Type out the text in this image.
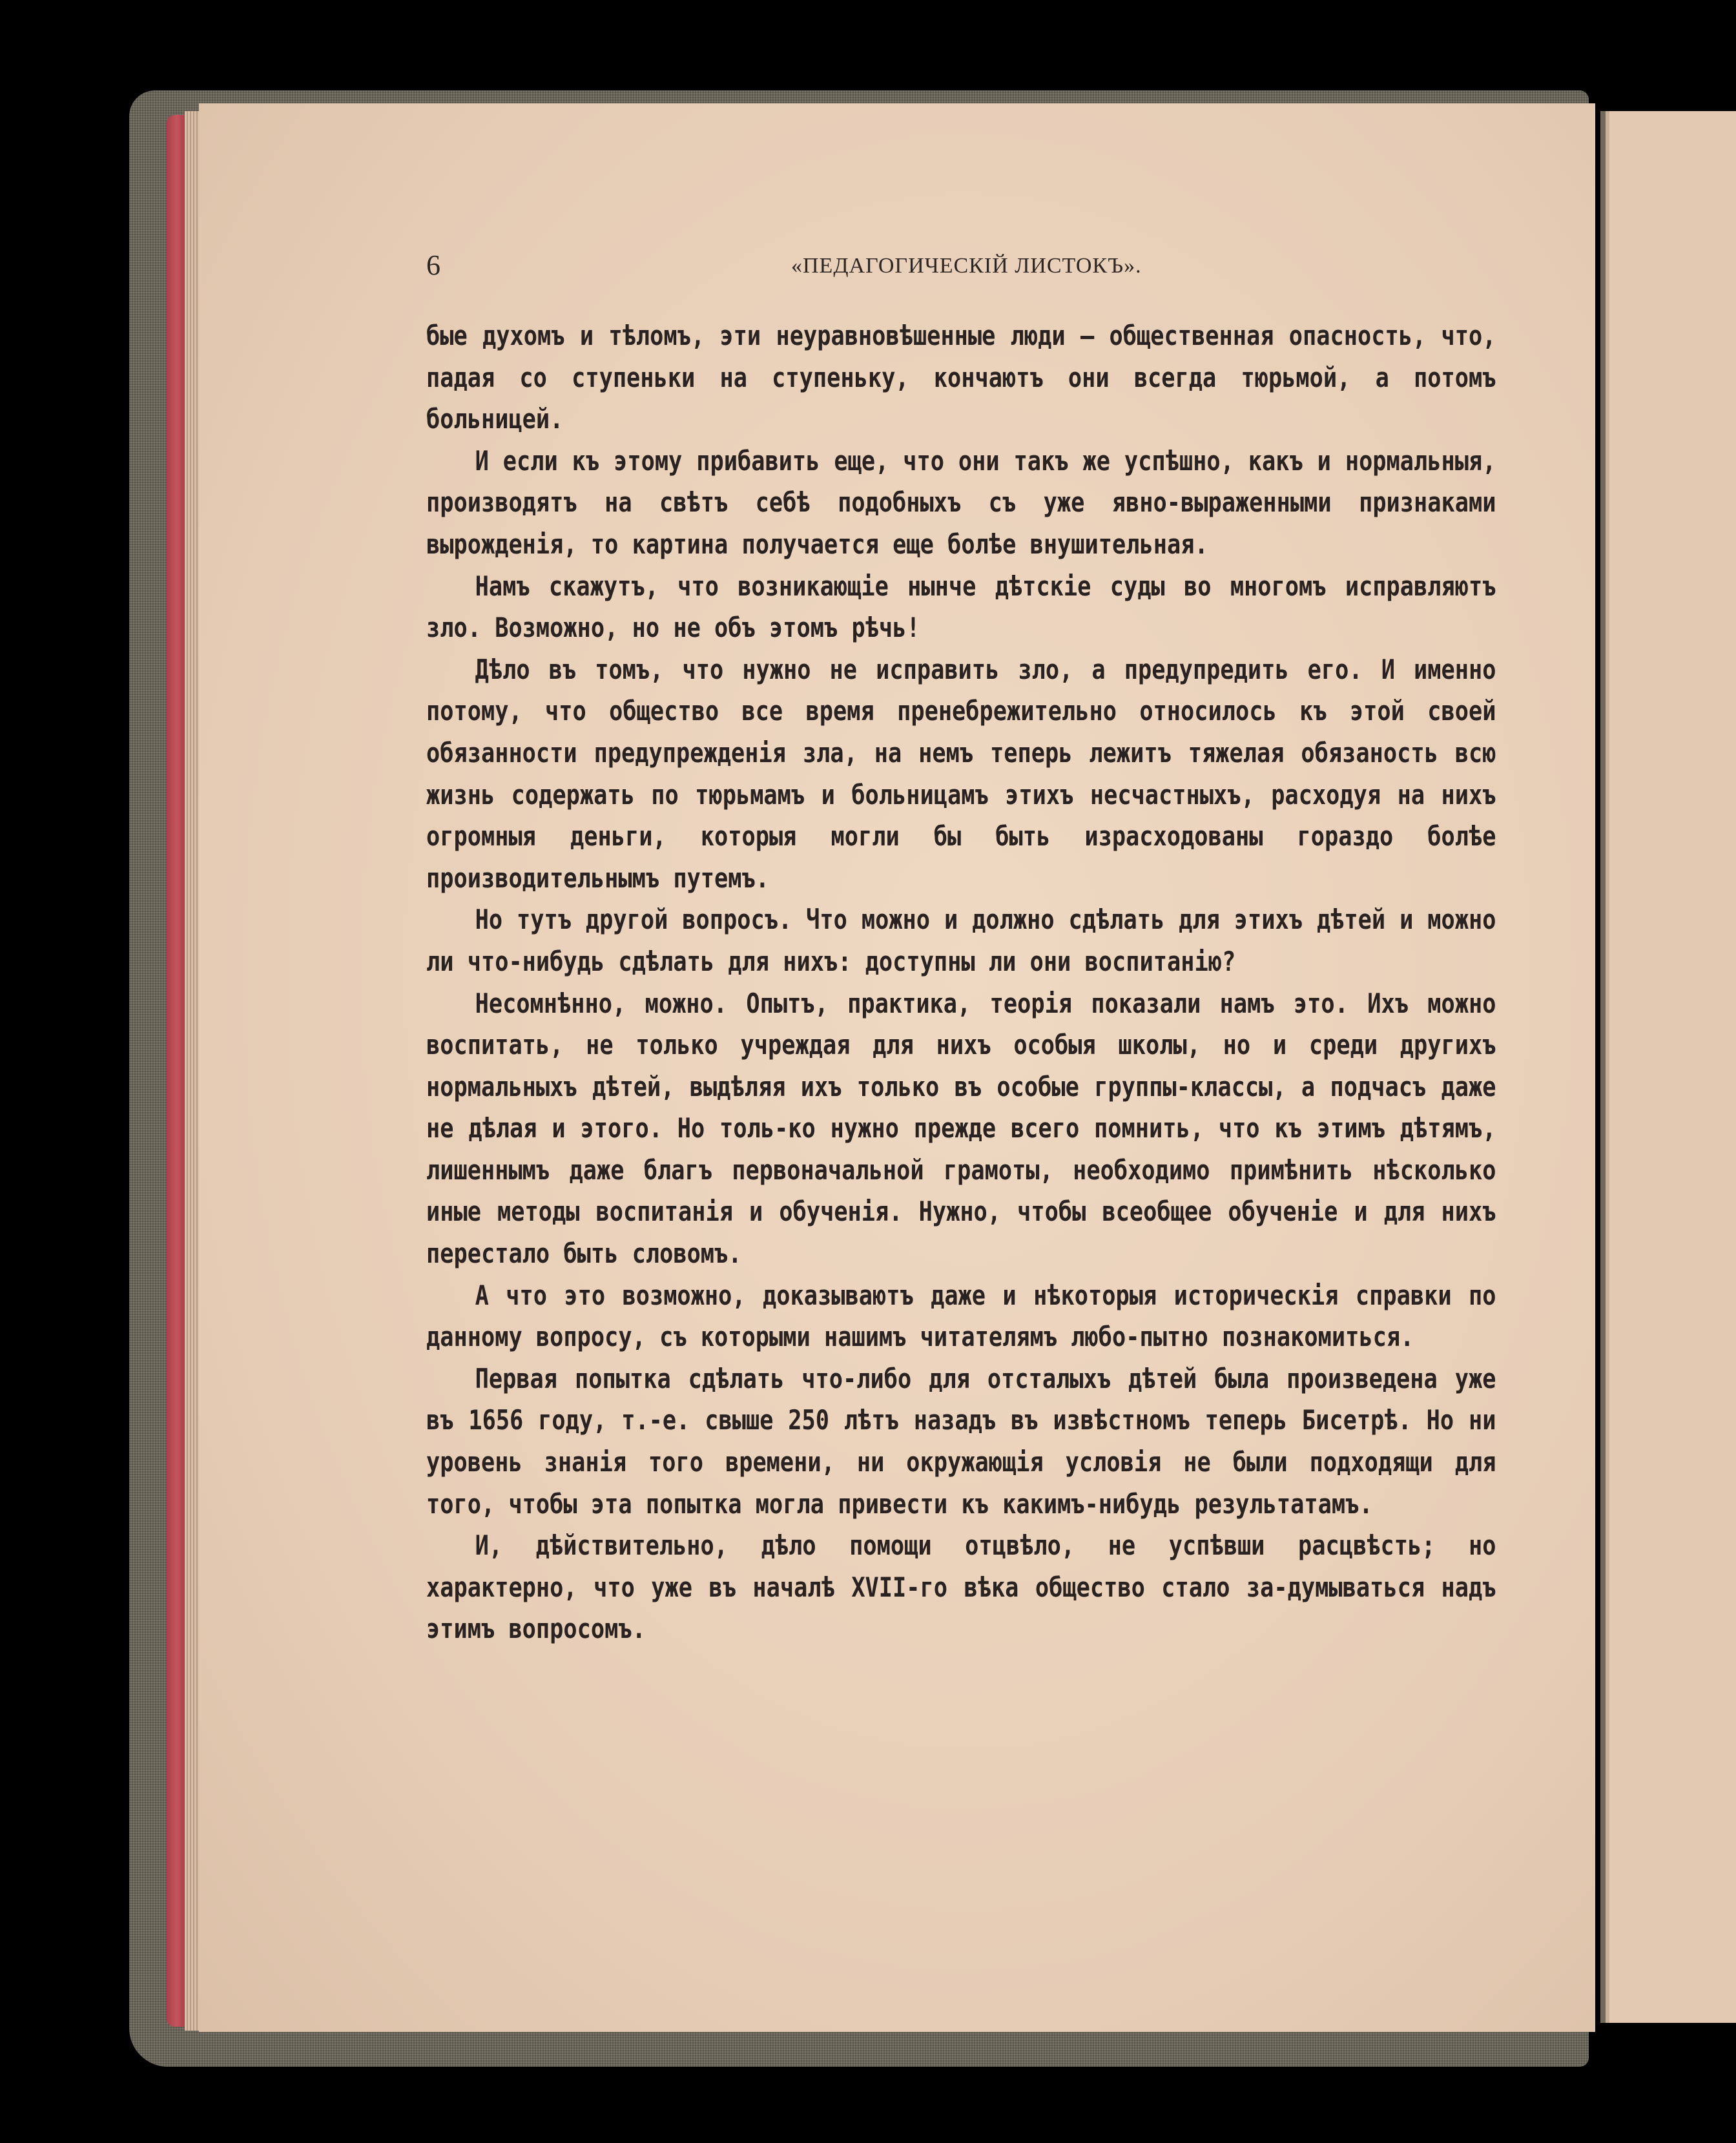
6	«ПЕДАГОГИЧЕСКІЙ ЛИСТОКЪ».

бые духомъ и тѣломъ, эти неуравновѣшенные люди — общественная опасность, что, падая со ступеньки на ступеньку, кончаютъ они всегда тюрьмой, а потомъ больницей.

И если къ этому прибавить еще, что они такъ же успѣшно, какъ и нормальныя, производятъ на свѣтъ себѣ подобныхъ съ уже явно-выраженными признаками вырожденія, то картина получается еще болѣе внушительная.

Намъ скажутъ, что возникающіе нынче дѣтскіе суды во многомъ исправляютъ зло. Возможно, но не объ этомъ рѣчь!

Дѣло въ томъ, что нужно не исправить зло, а предупредить его. И именно потому, что общество все время пренебрежительно относилось къ этой своей обязанности предупрежденія зла, на немъ теперь лежитъ тяжелая обязаность всю жизнь содержать по тюрьмамъ и больницамъ этихъ несчастныхъ, расходуя на нихъ огромныя деньги, которыя могли бы быть израсходованы гораздо болѣе производительнымъ путемъ.

Но тутъ другой вопросъ. Что можно и должно сдѣлать для этихъ дѣтей и можно ли что-нибудь сдѣлать для нихъ: доступны ли они воспитанію?

Несомнѣнно, можно. Опытъ, практика, теорія показали намъ это. Ихъ можно воспитать, не только учреждая для нихъ особыя школы, но и среди другихъ нормальныхъ дѣтей, выдѣляя ихъ только въ особые группы-классы, а подчасъ даже не дѣлая и этого. Но толь-ко нужно прежде всего помнить, что къ этимъ дѣтямъ, лишеннымъ даже благъ первоначальной грамоты, необходимо примѣнить нѣсколько иные методы воспитанія и обученія. Нужно, чтобы всеобщее обученіе и для нихъ перестало быть словомъ.

А что это возможно, доказываютъ даже и нѣкоторыя историческія справки по данному вопросу, съ которыми нашимъ читателямъ любо-пытно познакомиться.

Первая попытка сдѣлать что-либо для отсталыхъ дѣтей была произведена уже въ 1656 году, т.-е. свыше 250 лѣтъ назадъ въ извѣстномъ теперь Бисетрѣ. Но ни уровень знанія того времени, ни окружающія условія не были подходящи для того, чтобы эта попытка могла привести къ какимъ-нибудь результатамъ.

И, дѣйствительно, дѣло помощи отцвѣло, не успѣвши расцвѣсть; но характерно, что уже въ началѣ XVII-го вѣка общество стало за-думываться надъ этимъ вопросомъ.
